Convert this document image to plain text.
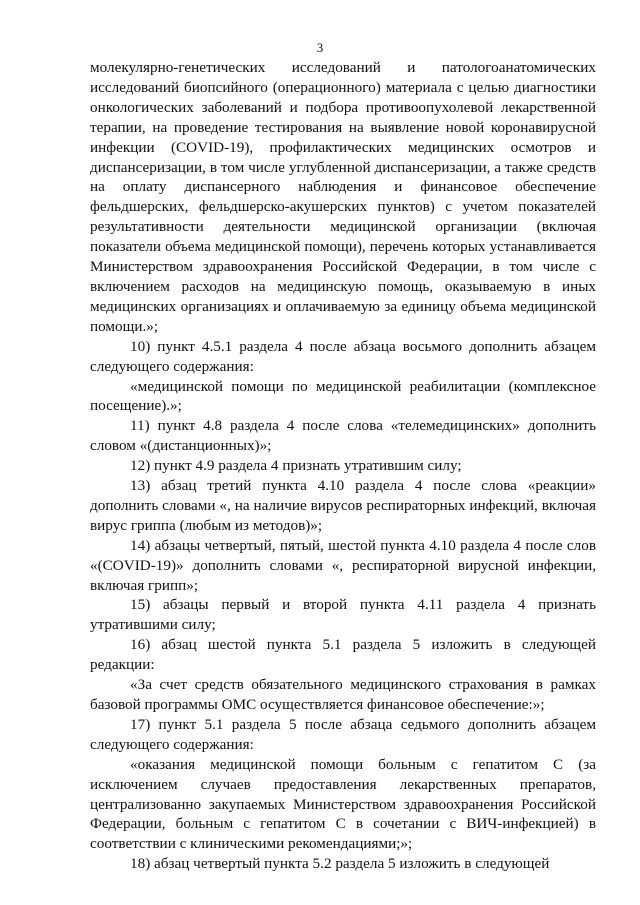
3

молекулярно-генетических исследований и патологоанатомических исследований биопсийного (операционного) материала с целью диагностики онкологических заболеваний и подбора противоопухолевой лекарственной терапии, на проведение тестирования на выявление новой коронавирусной инфекции (COVID-19), профилактических медицинских осмотров и диспансеризации, в том числе углубленной диспансеризации, а также средств на оплату диспансерного наблюдения и финансовое обеспечение фельдшерских, фельдшерско-акушерских пунктов) с учетом показателей результативности деятельности медицинской организации (включая показатели объема медицинской помощи), перечень которых устанавливается Министерством здравоохранения Российской Федерации, в том числе с включением расходов на медицинскую помощь, оказываемую в иных медицинских организациях и оплачиваемую за единицу объема медицинской помощи.»;

10) пункт 4.5.1 раздела 4 после абзаца восьмого дополнить абзацем следующего содержания:

«медицинской помощи по медицинской реабилитации (комплексное посещение).»;

11) пункт 4.8 раздела 4 после слова «телемедицинских» дополнить словом «(дистанционных)»;

12) пункт 4.9 раздела 4 признать утратившим силу;

13) абзац третий пункта 4.10 раздела 4 после слова «реакции» дополнить словами «, на наличие вирусов респираторных инфекций, включая вирус гриппа (любым из методов)»;

14) абзацы четвертый, пятый, шестой пункта 4.10 раздела 4 после слов «(COVID-19)» дополнить словами «, респираторной вирусной инфекции, включая грипп»;

15) абзацы первый и второй пункта 4.11 раздела 4 признать утратившими силу;

16) абзац шестой пункта 5.1 раздела 5 изложить в следующей редакции:

«За счет средств обязательного медицинского страхования в рамках базовой программы ОМС осуществляется финансовое обеспечение:»;

17) пункт 5.1 раздела 5 после абзаца седьмого дополнить абзацем следующего содержания:

«оказания медицинской помощи больным с гепатитом С (за исключением случаев предоставления лекарственных препаратов, централизованно закупаемых Министерством здравоохранения Российской Федерации, больным с гепатитом С в сочетании с ВИЧ-инфекцией) в соответствии с клиническими рекомендациями;»;

18) абзац четвертый пункта 5.2 раздела 5 изложить в следующей
